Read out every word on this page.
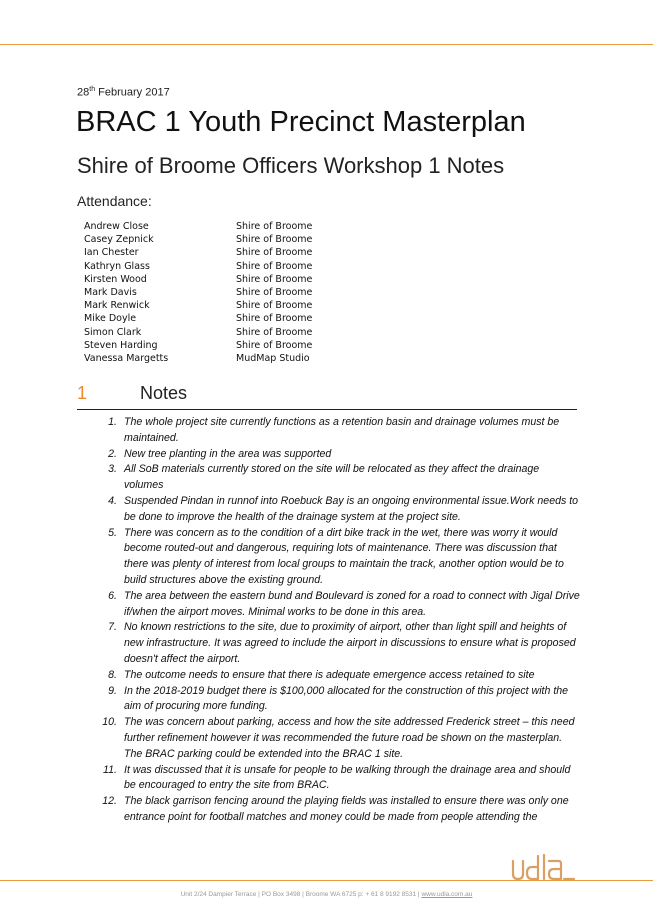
28th February 2017
BRAC 1 Youth Precinct Masterplan
Shire of Broome Officers Workshop 1 Notes
Attendance:
Andrew Close	Shire of Broome
Casey Zepnick	Shire of Broome
Ian Chester	Shire of Broome
Kathryn Glass	Shire of Broome
Kirsten Wood	Shire of Broome
Mark Davis	Shire of Broome
Mark Renwick	Shire of Broome
Mike Doyle	Shire of Broome
Simon Clark	Shire of Broome
Steven Harding	Shire of Broome
Vanessa Margetts	MudMap Studio
1	Notes
1. The whole project site currently functions as a retention basin and drainage volumes must be maintained.
2. New tree planting in the area was supported
3. All SoB materials currently stored on the site will be relocated as they affect the drainage volumes
4. Suspended Pindan in runnof into Roebuck Bay is an ongoing environmental issue.Work needs to be done to improve the health of the drainage system at the project site.
5. There was concern as to the condition of a dirt bike track in the wet, there was worry it would become routed-out and dangerous, requiring lots of maintenance. There was discussion that there was plenty of interest from local groups to maintain the track, another option would be to build structures above the existing ground.
6. The area between the eastern bund and Boulevard is zoned for a road to connect with Jigal Drive if/when the airport moves. Minimal works to be done in this area.
7. No known restrictions to the site, due to proximity of airport, other than light spill and heights of new infrastructure. It was agreed to include the airport in discussions to ensure what is proposed doesn't affect the airport.
8. The outcome needs to ensure that there is adequate emergence access retained to site
9. In the 2018-2019 budget there is $100,000 allocated for the construction of this project with the aim of procuring more funding.
10. The was concern about parking, access and how the site addressed Frederick street – this need further refinement however it was recommended the future road be shown on the masterplan. The BRAC parking could be extended into the BRAC 1 site.
11. It was discussed that it is unsafe for people to be walking through the drainage area and should be encouraged to entry the site from BRAC.
12. The black garrison fencing around the playing fields was installed to ensure there was only one entrance point for football matches and money could be made from people attending the
Unit 2/24 Dampier Terrace | PO Box 3498 | Broome WA 6725 p: + 61 8 9192 8531 | www.udla.com.au
